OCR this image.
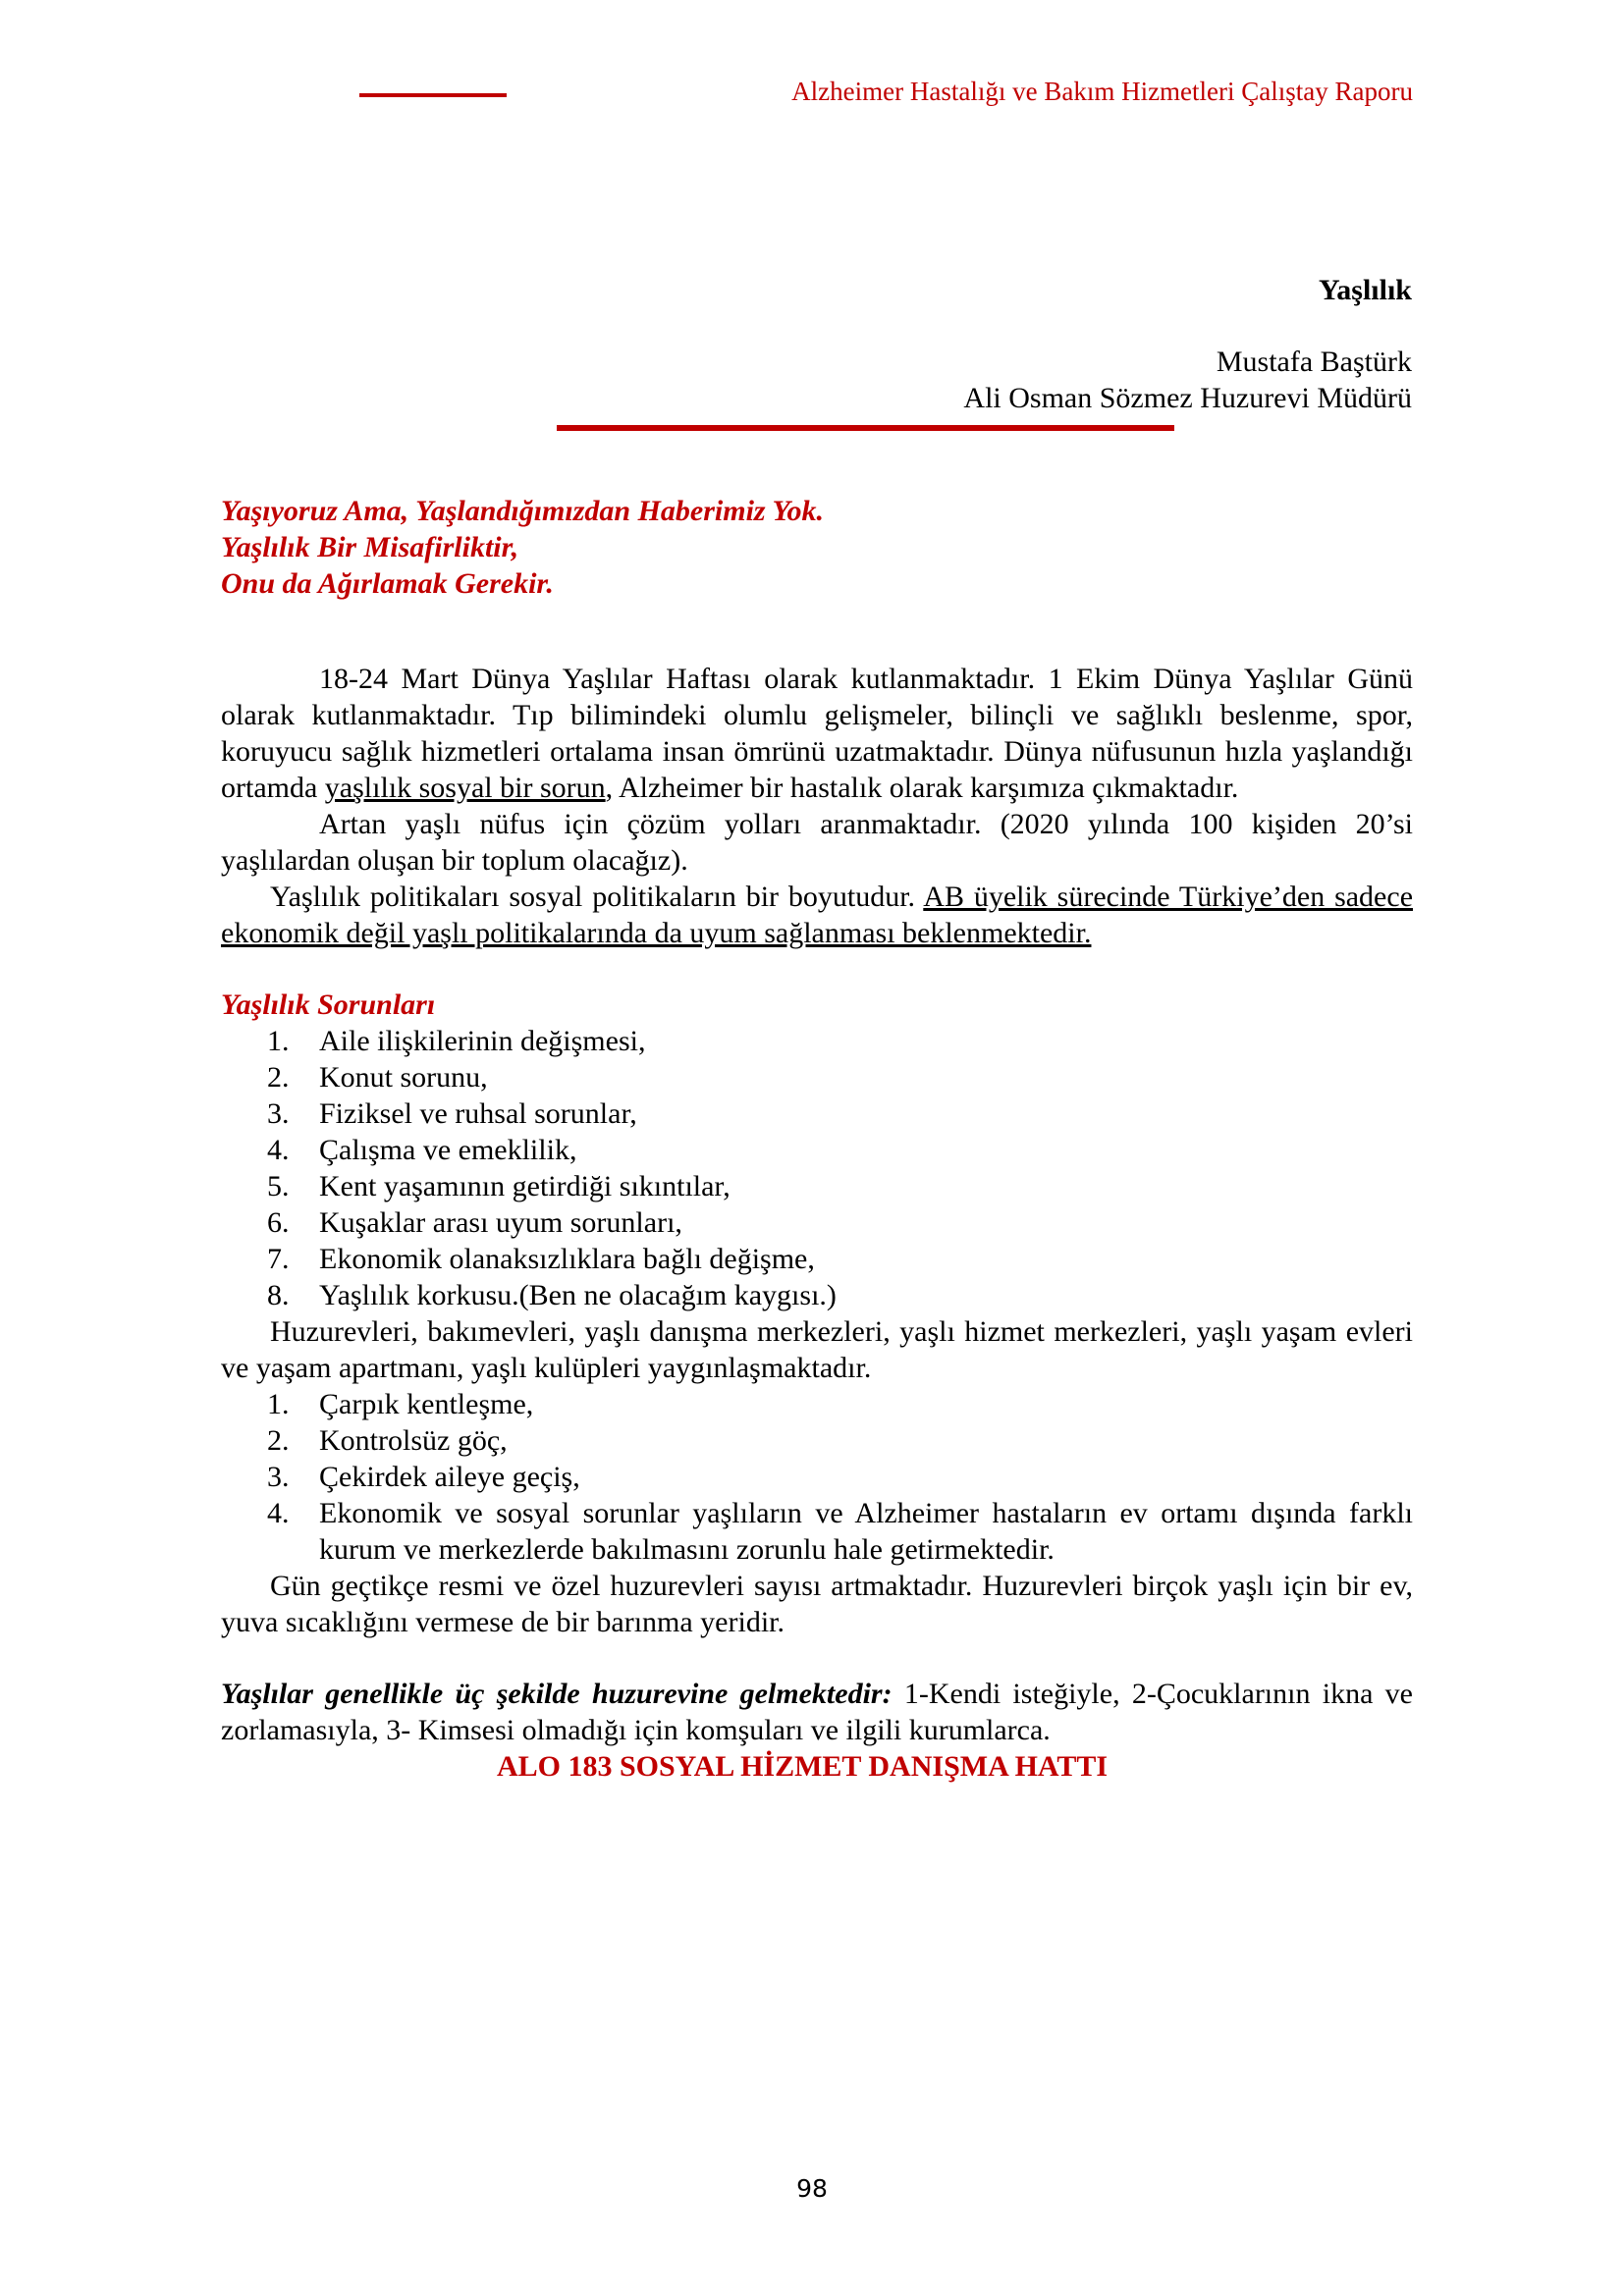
Alzheimer Hastalığı ve Bakım Hizmetleri Çalıştay Raporu
Yaşlılık
Mustafa Baştürk
Ali Osman Sözmez Huzurevi Müdürü
Yaşıyoruz Ama, Yaşlandığımızdan Haberimiz Yok.
Yaşlılık Bir Misafirliktir,
Onu da Ağırlamak Gerekir.

18-24 Mart Dünya Yaşlılar Haftası olarak kutlanmaktadır. 1 Ekim Dünya Yaşlılar Günü olarak kutlanmaktadır. Tıp bilimindeki olumlu gelişmeler, bilinçli ve sağlıklı beslenme, spor, koruyucu sağlık hizmetleri ortalama insan ömrünü uzatmaktadır. Dünya nüfusunun hızla yaşlandığı ortamda yaşlılık sosyal bir sorun, Alzheimer bir hastalık olarak karşımıza çıkmaktadır.

Artan yaşlı nüfus için çözüm yolları aranmaktadır. (2020 yılında 100 kişiden 20’si yaşlılardan oluşan bir toplum olacağız).

Yaşlılık politikaları sosyal politikaların bir boyutudur. AB üyelik sürecinde Türkiye’den sadece ekonomik değil yaşlı politikalarında da uyum sağlanması beklenmektedir.

Yaşlılık Sorunları
1.	Aile ilişkilerinin değişmesi,
2.	Konut sorunu,
3.	Fiziksel ve ruhsal sorunlar,
4.	Çalışma ve emeklilik,
5.	Kent yaşamının getirdiği sıkıntılar,
6.	Kuşaklar arası uyum sorunları,
7.	Ekonomik olanaksızlıklara bağlı değişme,
8.	Yaşlılık korkusu.(Ben ne olacağım kaygısı.)

Huzurevleri, bakımevleri, yaşlı danışma merkezleri, yaşlı hizmet merkezleri, yaşlı yaşam evleri ve yaşam apartmanı, yaşlı kulüpleri yaygınlaşmaktadır.

1.	Çarpık kentleşme,
2.	Kontrolsüz göç,
3.	Çekirdek aileye geçiş,
4.	Ekonomik ve sosyal sorunlar yaşlıların ve Alzheimer hastaların ev ortamı dışında farklı kurum ve merkezlerde bakılmasını zorunlu hale getirmektedir.

Gün geçtikçe resmi ve özel huzurevleri sayısı artmaktadır. Huzurevleri birçok yaşlı için bir ev, yuva sıcaklığını vermese de bir barınma yeridir.

Yaşlılar genellikle üç şekilde huzurevine gelmektedir: 1-Kendi isteğiyle, 2-Çocuklarının ikna ve zorlamasıyla, 3- Kimsesi olmadığı için komşuları ve ilgili kurumlarca.

ALO 183 SOSYAL HİZMET DANIŞMA HATTI
98
